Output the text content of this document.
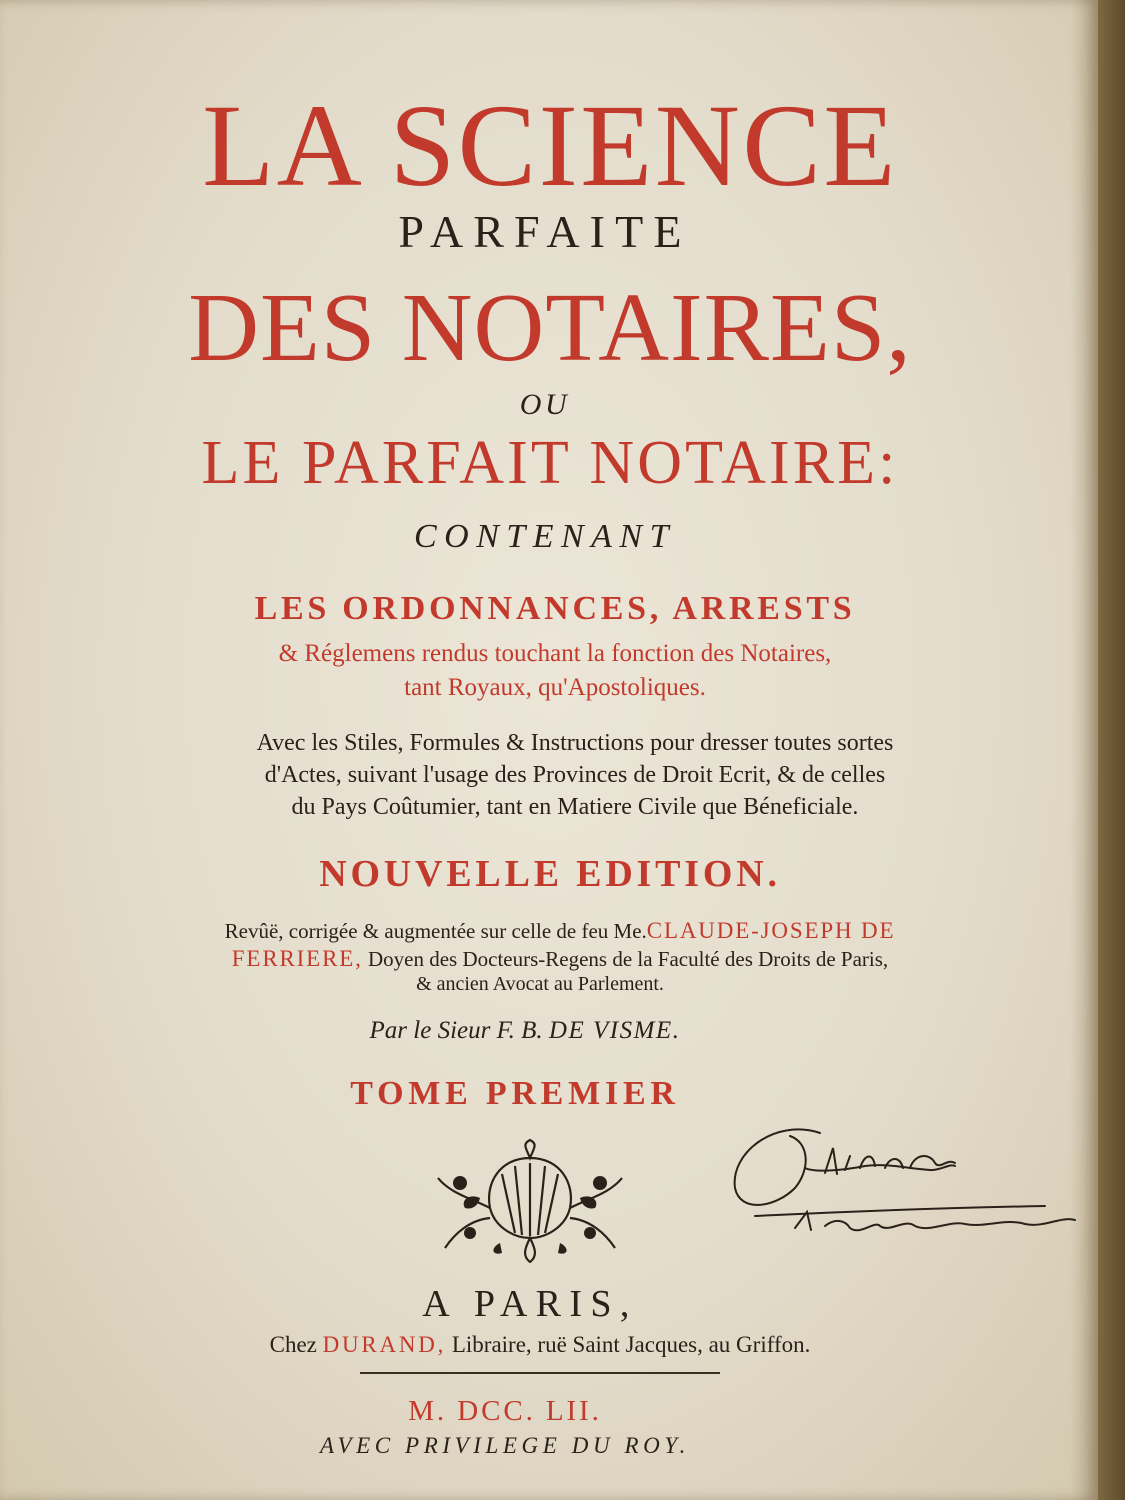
LA SCIENCE
PARFAITE
DES NOTAIRES,
OU
LE PARFAIT NOTAIRE:
CONTENANT
LES ORDONNANCES, ARRESTS
& Réglemens rendus touchant la fonction des Notaires,
tant Royaux, qu'Apostoliques.
Avec les Stiles, Formules & Instructions pour dresser toutes sortes
d'Actes, suivant l'usage des Provinces de Droit Ecrit, & de celles
du Pays Coûtumier, tant en Matiere Civile que Béneficiale.
NOUVELLE EDITION.
Revûë, corrigée & augmentée sur celle de feu Me.CLAUDE-JOSEPH DE
FERRIERE, Doyen des Docteurs-Regens de la Faculté des Droits de Paris,
& ancien Avocat au Parlement.
Par le Sieur F. B. DE VISME.
TOME PREMIER
A PARIS,
Chez DURAND, Libraire, ruë Saint Jacques, au Griffon.
M. DCC. LII.
AVEC PRIVILEGE DU ROY.
